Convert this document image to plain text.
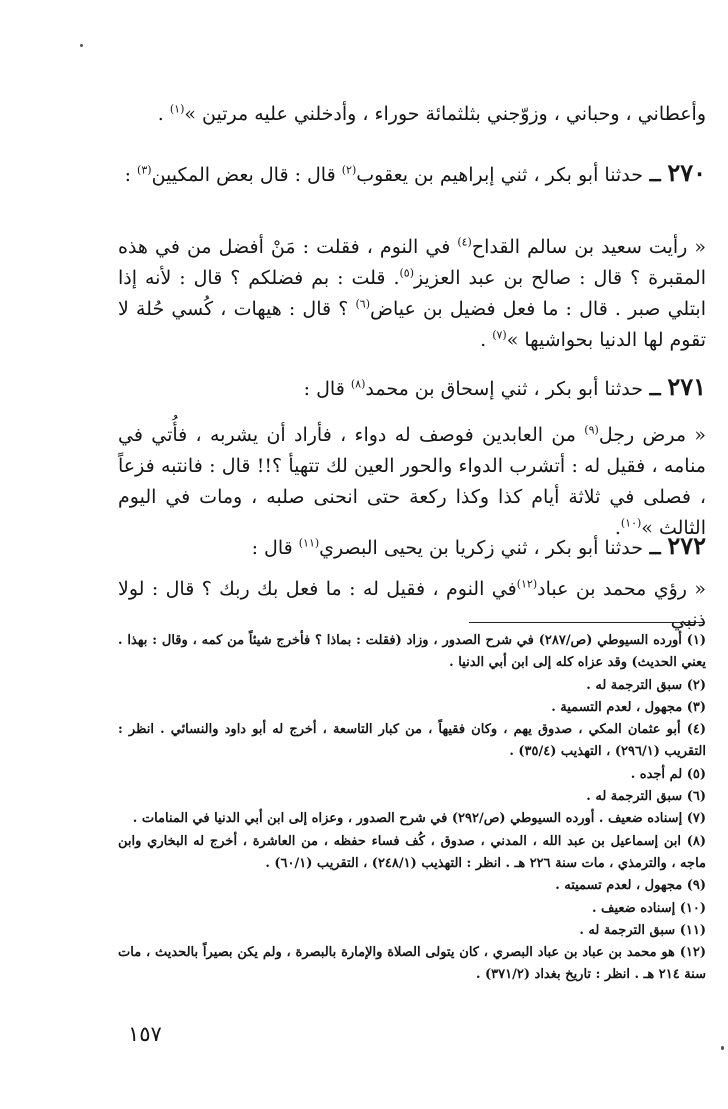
وأعطاني ، وحباني ، وزوّجني بثلثمائة حوراء ، وأدخلني عليه مرتين »$^{(١)}$ .

٢٧٠ ــ حدثنا أبو بكر ، ثني إبراهيم بن يعقوب$^{(٢)}$ قال : قال بعض المكيين$^{(٣)}$ :

« رأيت سعيد بن سالم القداح$^{(٤)}$ في النوم ، فقلت : مَنْ أفضل من في هذه المقبرة ؟ قال : صالح بن عبد العزيز$^{(٥)}$. قلت : بم فضلكم ؟ قال : لأنه إذا ابتلي صبر . قال : ما فعل فضيل بن عياض$^{(٦)}$ ؟ قال : هيهات ، كُسي حُلة لا تقوم لها الدنيا بحواشيها »$^{(٧)}$ .

٢٧١ ــ حدثنا أبو بكر ، ثني إسحاق بن محمد$^{(٨)}$ قال :

« مرض رجل$^{(٩)}$ من العابدين فوصف له دواء ، فأراد أن يشربه ، فأُتي في منامه ، فقيل له : أتشرب الدواء والحور العين لك تتهيأ ؟!! قال : فانتبه فزعاً ، فصلى في ثلاثة أيام كذا وكذا ركعة حتى انحنى صلبه ، ومات في اليوم الثالث »$^{(١٠)}$.

٢٧٢ ــ حدثنا أبو بكر ، ثني زكريا بن يحيى البصري$^{(١١)}$ قال :

« رؤي محمد بن عباد$^{(١٢)}$في النوم ، فقيل له : ما فعل بك ربك ؟ قال : لولا ذنبي

(١) أورده السيوطي (ص/٢٨٧) في شرح الصدور ، وزاد (فقلت : بماذا ؟ فأخرج شيئاً من كمه ، وقال : بهذا . يعني الحديث) وقد عزاه كله إلى ابن أبي الدنيا .
(٢) سبق الترجمة له .
(٣) مجهول ، لعدم التسمية .
(٤) أبو عثمان المكي ، صدوق يهم ، وكان فقيهاً ، من كبار التاسعة ، أخرج له أبو داود والنسائي . انظر : التقريب (٢٩٦/١) ، التهذيب (٣٥/٤) .
(٥) لم أجده .
(٦) سبق الترجمة له .
(٧) إسناده ضعيف . أورده السيوطي (ص/٢٩٢) في شرح الصدور ، وعزاه إلى ابن أبي الدنيا في المنامات .
(٨) ابن إسماعيل بن عبد الله ، المدني ، صدوق ، كُف فساء حفظه ، من العاشرة ، أخرج له البخاري وابن ماجه ، والترمذي ، مات سنة ٢٢٦ هـ . انظر : التهذيب (٢٤٨/١) ، التقريب (٦٠/١) .
(٩) مجهول ، لعدم تسميته .
(١٠) إسناده ضعيف .
(١١) سبق الترجمة له .
(١٢) هو محمد بن عباد بن عباد البصري ، كان يتولى الصلاة والإمارة بالبصرة ، ولم يكن بصيراً بالحديث ، مات سنة ٢١٤ هـ . انظر : تاريخ بغداد (٣٧١/٢) .
١٥٧
